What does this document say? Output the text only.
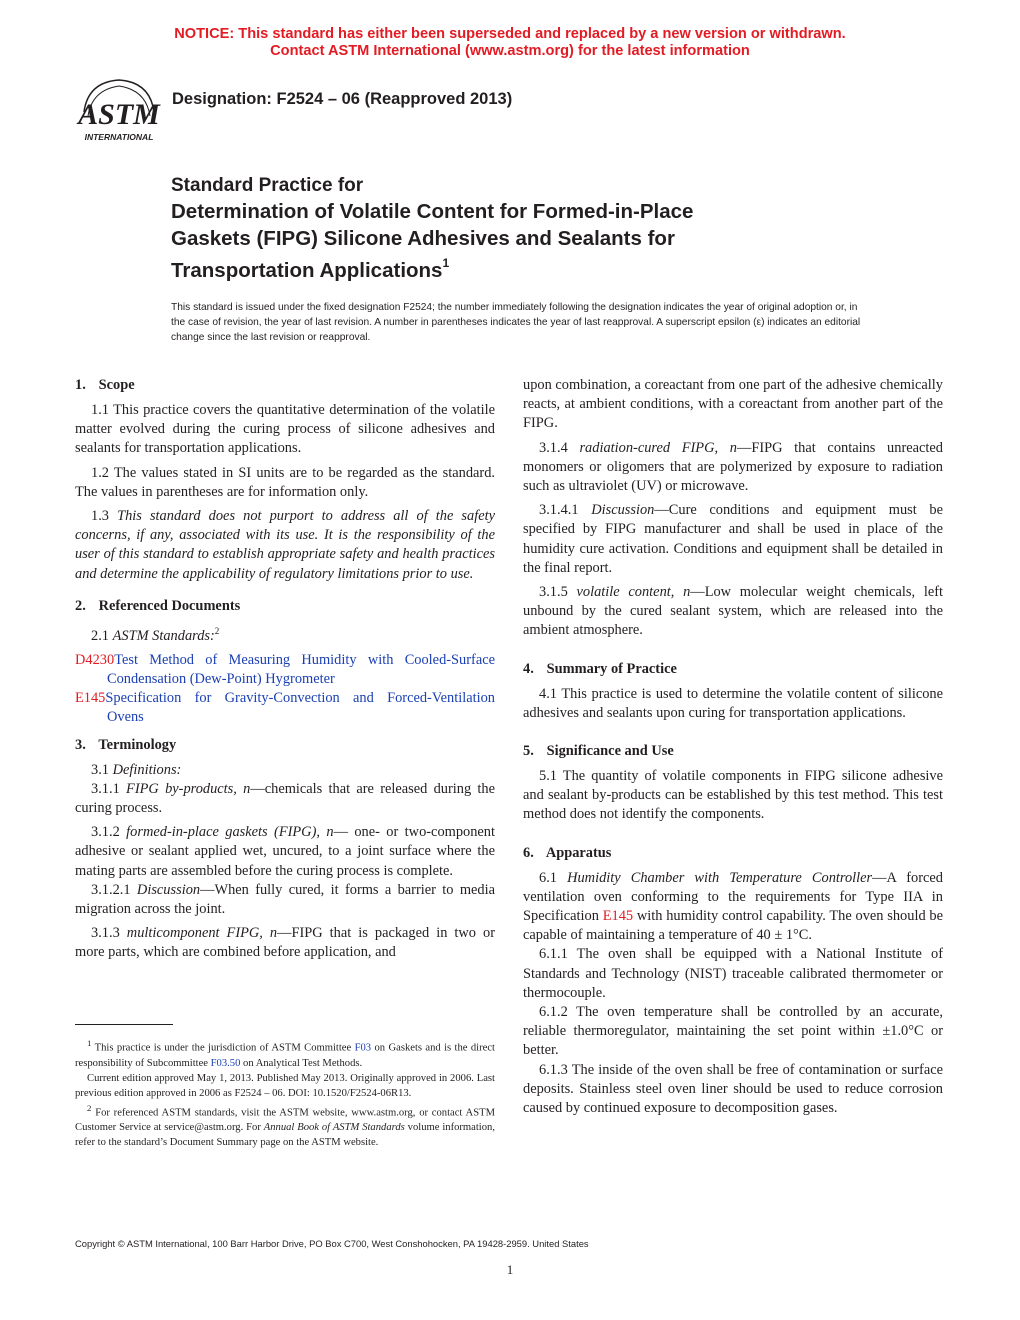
NOTICE: This standard has either been superseded and replaced by a new version or withdrawn.
Contact ASTM International (www.astm.org) for the latest information
ASTM
INTERNATIONAL
Designation: F2524 – 06 (Reapproved 2013)
Standard Practice for
Determination of Volatile Content for Formed-in-Place
Gaskets (FIPG) Silicone Adhesives and Sealants for
Transportation Applications$^1$
This standard is issued under the fixed designation F2524; the number immediately following the designation indicates the year of original adoption or, in the case of revision, the year of last revision. A number in parentheses indicates the year of last reapproval. A superscript epsilon (ε) indicates an editorial change since the last revision or reapproval.
1. Scope

1.1 This practice covers the quantitative determination of the volatile matter evolved during the curing process of silicone adhesives and sealants for transportation applications.

1.2 The values stated in SI units are to be regarded as the standard. The values in parentheses are for information only.

1.3 This standard does not purport to address all of the safety concerns, if any, associated with its use. It is the responsibility of the user of this standard to establish appropriate safety and health practices and determine the applicability of regulatory limitations prior to use.

2. Referenced Documents

2.1 ASTM Standards:$^2$

D4230Test Method of Measuring Humidity with Cooled-Surface Condensation (Dew-Point) Hygrometer

E145Specification for Gravity-Convection and Forced-Ventilation Ovens

3. Terminology

3.1 Definitions:

3.1.1 FIPG by-products, n—chemicals that are released during the curing process.

3.1.2 formed-in-place gaskets (FIPG), n— one- or two-component adhesive or sealant applied wet, uncured, to a joint surface where the mating parts are assembled before the curing process is complete.

3.1.2.1 Discussion—When fully cured, it forms a barrier to media migration across the joint.

3.1.3 multicomponent FIPG, n—FIPG that is packaged in two or more parts, which are combined before application, and

$^1$ This practice is under the jurisdiction of ASTM Committee F03 on Gaskets and is the direct responsibility of Subcommittee F03.50 on Analytical Test Methods.

Current edition approved May 1, 2013. Published May 2013. Originally approved in 2006. Last previous edition approved in 2006 as F2524 – 06. DOI: 10.1520/F2524-06R13.

$^2$ For referenced ASTM standards, visit the ASTM website, www.astm.org, or contact ASTM Customer Service at service@astm.org. For Annual Book of ASTM Standards volume information, refer to the standard’s Document Summary page on the ASTM website.

upon combination, a coreactant from one part of the adhesive chemically reacts, at ambient conditions, with a coreactant from another part of the FIPG.

3.1.4 radiation-cured FIPG, n—FIPG that contains unreacted monomers or oligomers that are polymerized by exposure to radiation such as ultraviolet (UV) or microwave.

3.1.4.1 Discussion—Cure conditions and equipment must be specified by FIPG manufacturer and shall be used in place of the humidity cure activation. Conditions and equipment shall be detailed in the final report.

3.1.5 volatile content, n—Low molecular weight chemicals, left unbound by the cured sealant system, which are released into the ambient atmosphere.

4. Summary of Practice

4.1 This practice is used to determine the volatile content of silicone adhesives and sealants upon curing for transportation applications.

5. Significance and Use

5.1 The quantity of volatile components in FIPG silicone adhesive and sealant by-products can be established by this test method. This test method does not identify the components.

6. Apparatus

6.1 Humidity Chamber with Temperature Controller—A forced ventilation oven conforming to the requirements for Type IIA in Specification E145 with humidity control capability. The oven should be capable of maintaining a temperature of 40 ± 1°C.

6.1.1 The oven shall be equipped with a National Institute of Standards and Technology (NIST) traceable calibrated thermometer or thermocouple.

6.1.2 The oven temperature shall be controlled by an accurate, reliable thermoregulator, maintaining the set point within ±1.0°C or better.

6.1.3 The inside of the oven shall be free of contamination or surface deposits. Stainless steel oven liner should be used to reduce corrosion caused by continued exposure to decomposition gases.

Copyright © ASTM International, 100 Barr Harbor Drive, PO Box C700, West Conshohocken, PA 19428-2959. United States
1
